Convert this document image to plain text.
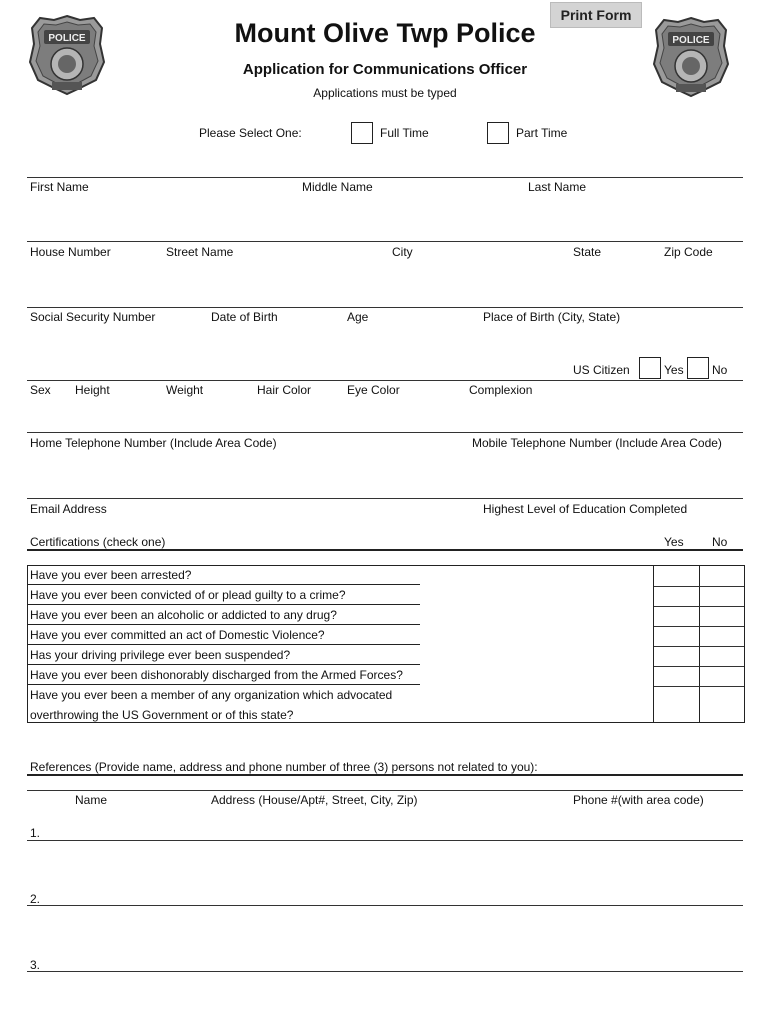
Print Form
POLICE	POLICE
Mount Olive Twp Police
Application for Communications Officer
Applications must be typed
Please Select One:	Full Time	Part Time
First Name	Middle Name	Last Name
House Number	Street Name	City	State	Zip Code
Social Security Number	Date of Birth	Age	Place of Birth (City, State)
US Citizen	Yes No
Sex Height	Weight	Hair Color	Eye Color	Complexion
Home Telephone Number (Include Area Code)	Mobile Telephone Number (Include Area Code)
Email Address	Highest Level of Education Completed
Certifications (check one)	Yes No
Have you ever been arrested?
Have you ever been convicted of or plead guilty to a crime?
Have you ever been an alcoholic or addicted to any drug?
Have you ever committed an act of Domestic Violence?
Has your driving privilege ever been suspended?
Have you ever been dishonorably discharged from the Armed Forces?
Have you ever been a member of any organization which advocated
overthrowing the US Government or of this state?
References (Provide name, address and phone number of three (3) persons not related to you):
Name	Address (House/Apt#, Street, City, Zip)	Phone #(with area code)
1.
2.
3.
